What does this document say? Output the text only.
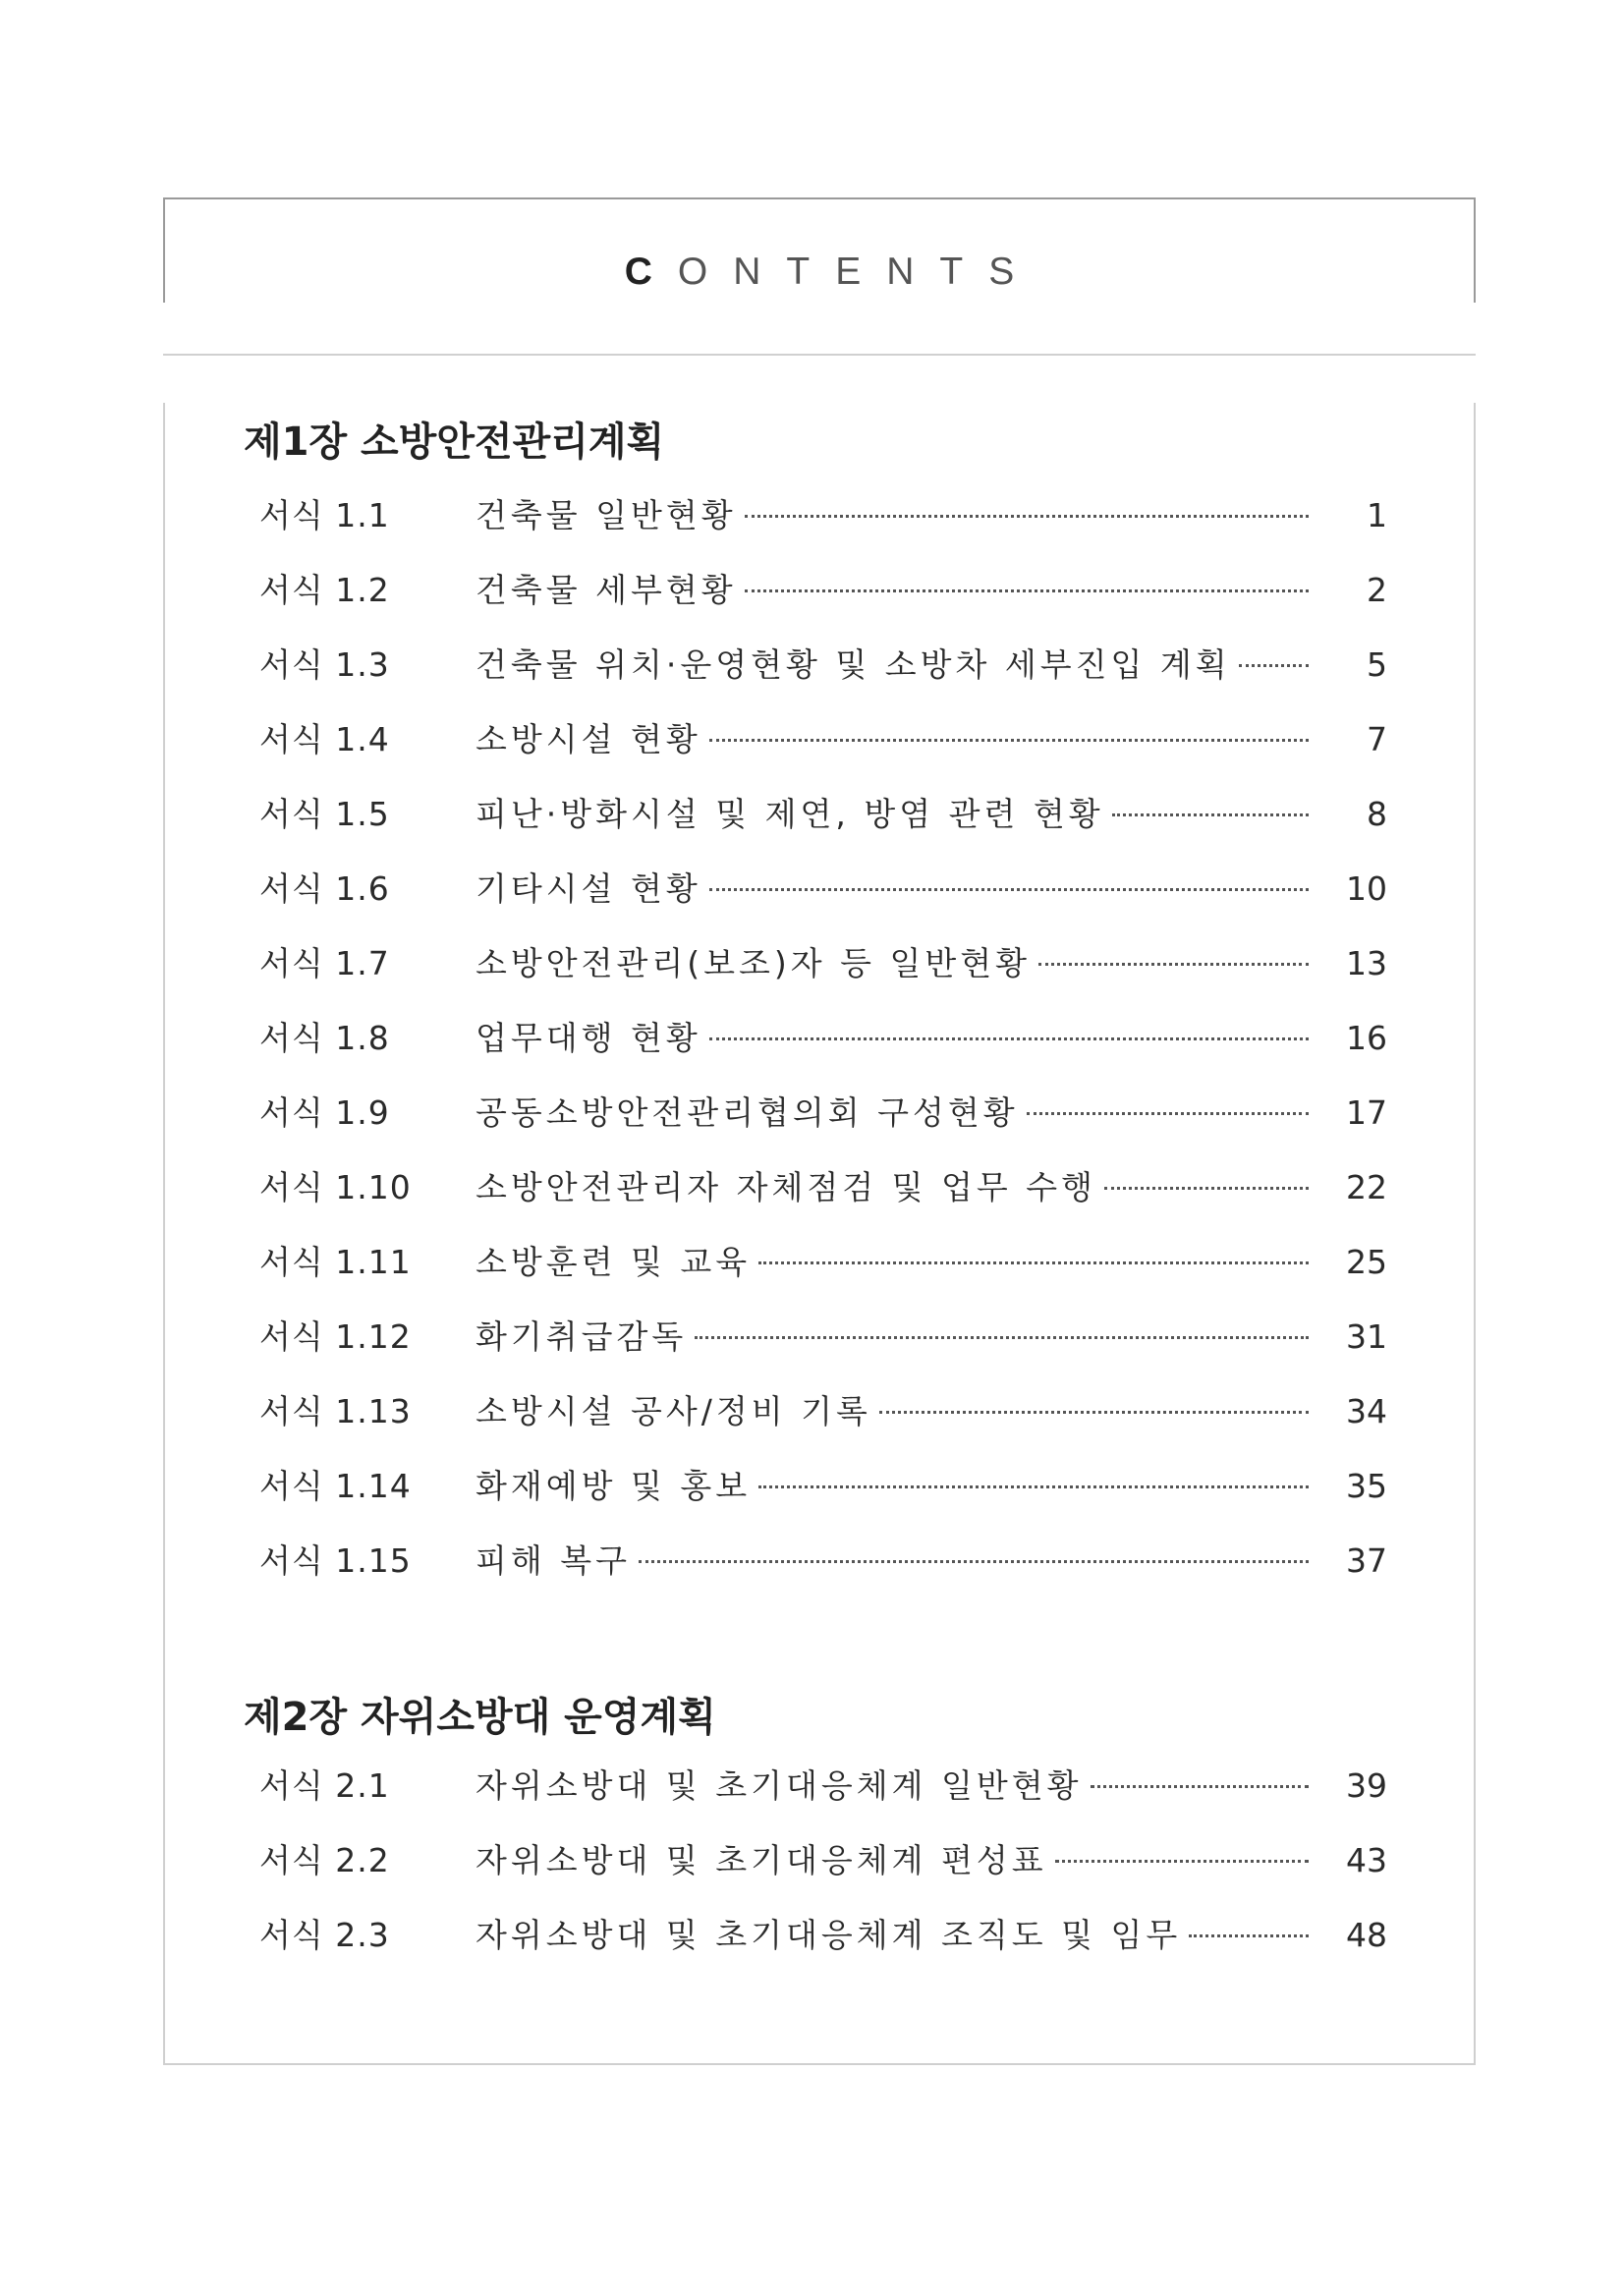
CONTENTS
제1장 소방안전관리계획
서식 1.1	건축물 일반현황	1
서식 1.2	건축물 세부현황	2
서식 1.3	건축물 위치·운영현황 및 소방차 세부진입 계획	5
서식 1.4	소방시설 현황	7
서식 1.5	피난·방화시설 및 제연, 방염 관련 현황	8
서식 1.6	기타시설 현황	10
서식 1.7	소방안전관리(보조)자 등 일반현황	13
서식 1.8	업무대행 현황	16
서식 1.9	공동소방안전관리협의회 구성현황	17
서식 1.10 소방안전관리자 자체점검 및 업무 수행	22
서식 1.11 소방훈련 및 교육	25
서식 1.12 화기취급감독	31
서식 1.13 소방시설 공사/정비 기록	34
서식 1.14 화재예방 및 홍보	35
서식 1.15 피해 복구	37
제2장 자위소방대 운영계획
서식 2.1	자위소방대 및 초기대응체계 일반현황	39
서식 2.2	자위소방대 및 초기대응체계 편성표	43
서식 2.3	자위소방대 및 초기대응체계 조직도 및 임무	48
